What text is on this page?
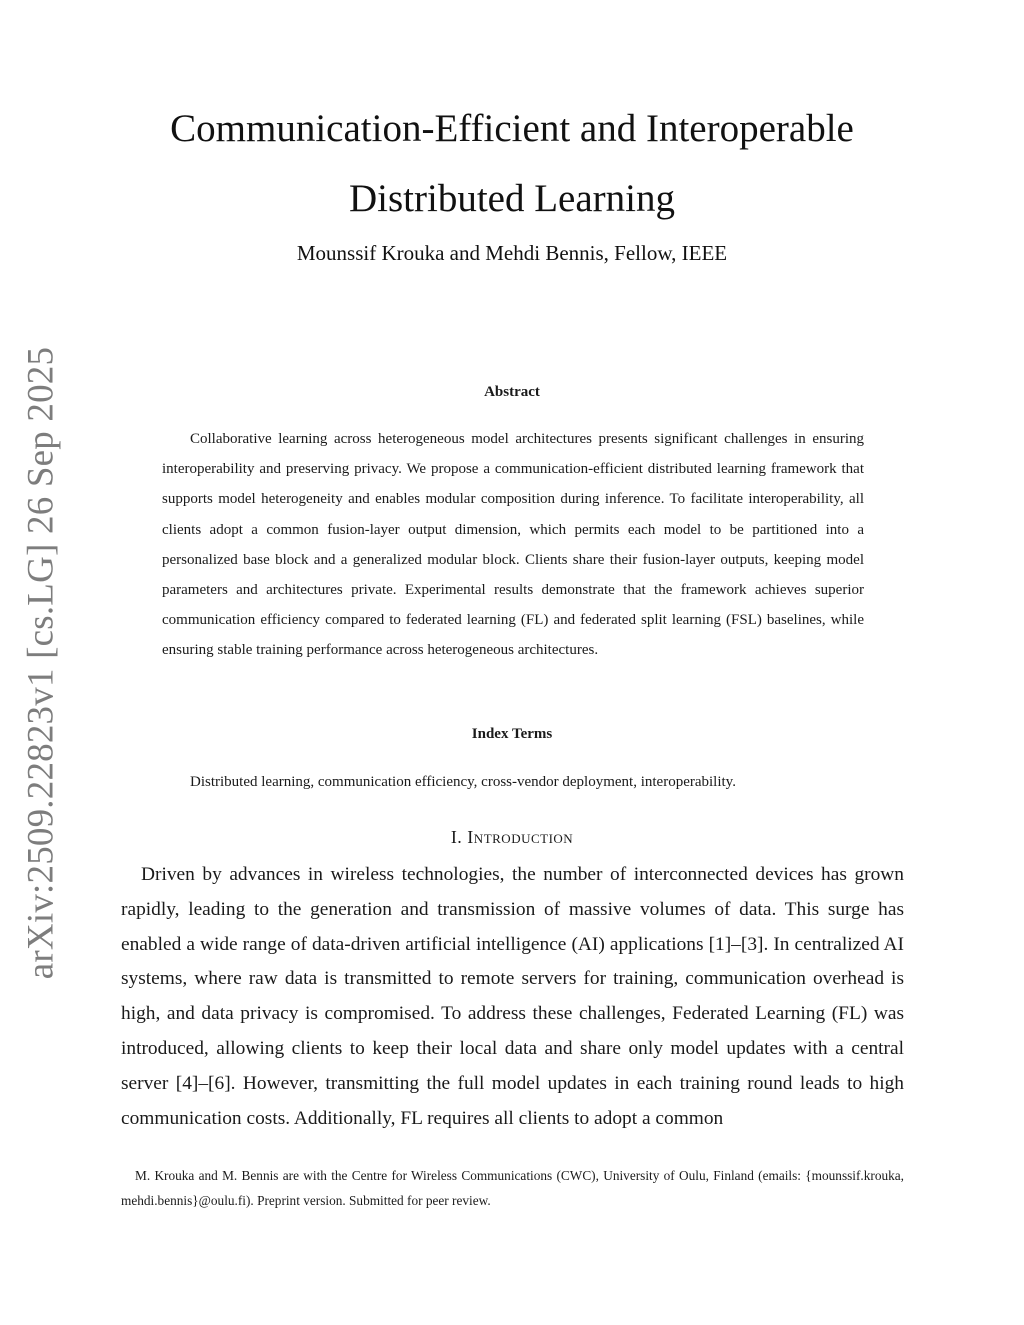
arXiv:2509.22823v1 [cs.LG] 26 Sep 2025
Communication-Efficient and Interoperable Distributed Learning
Mounssif Krouka and Mehdi Bennis, Fellow, IEEE
Abstract
Collaborative learning across heterogeneous model architectures presents significant challenges in ensuring interoperability and preserving privacy. We propose a communication-efficient distributed learning framework that supports model heterogeneity and enables modular composition during inference. To facilitate interoperability, all clients adopt a common fusion-layer output dimension, which permits each model to be partitioned into a personalized base block and a generalized modular block. Clients share their fusion-layer outputs, keeping model parameters and architectures private. Experimental results demonstrate that the framework achieves superior communication efficiency compared to federated learning (FL) and federated split learning (FSL) baselines, while ensuring stable training performance across heterogeneous architectures.
Index Terms
Distributed learning, communication efficiency, cross-vendor deployment, interoperability.
I. Introduction
Driven by advances in wireless technologies, the number of interconnected devices has grown rapidly, leading to the generation and transmission of massive volumes of data. This surge has enabled a wide range of data-driven artificial intelligence (AI) applications [1]–[3]. In centralized AI systems, where raw data is transmitted to remote servers for training, communication overhead is high, and data privacy is compromised. To address these challenges, Federated Learning (FL) was introduced, allowing clients to keep their local data and share only model updates with a central server [4]–[6]. However, transmitting the full model updates in each training round leads to high communication costs. Additionally, FL requires all clients to adopt a common
M. Krouka and M. Bennis are with the Centre for Wireless Communications (CWC), University of Oulu, Finland (emails: {mounssif.krouka, mehdi.bennis}@oulu.fi). Preprint version. Submitted for peer review.
